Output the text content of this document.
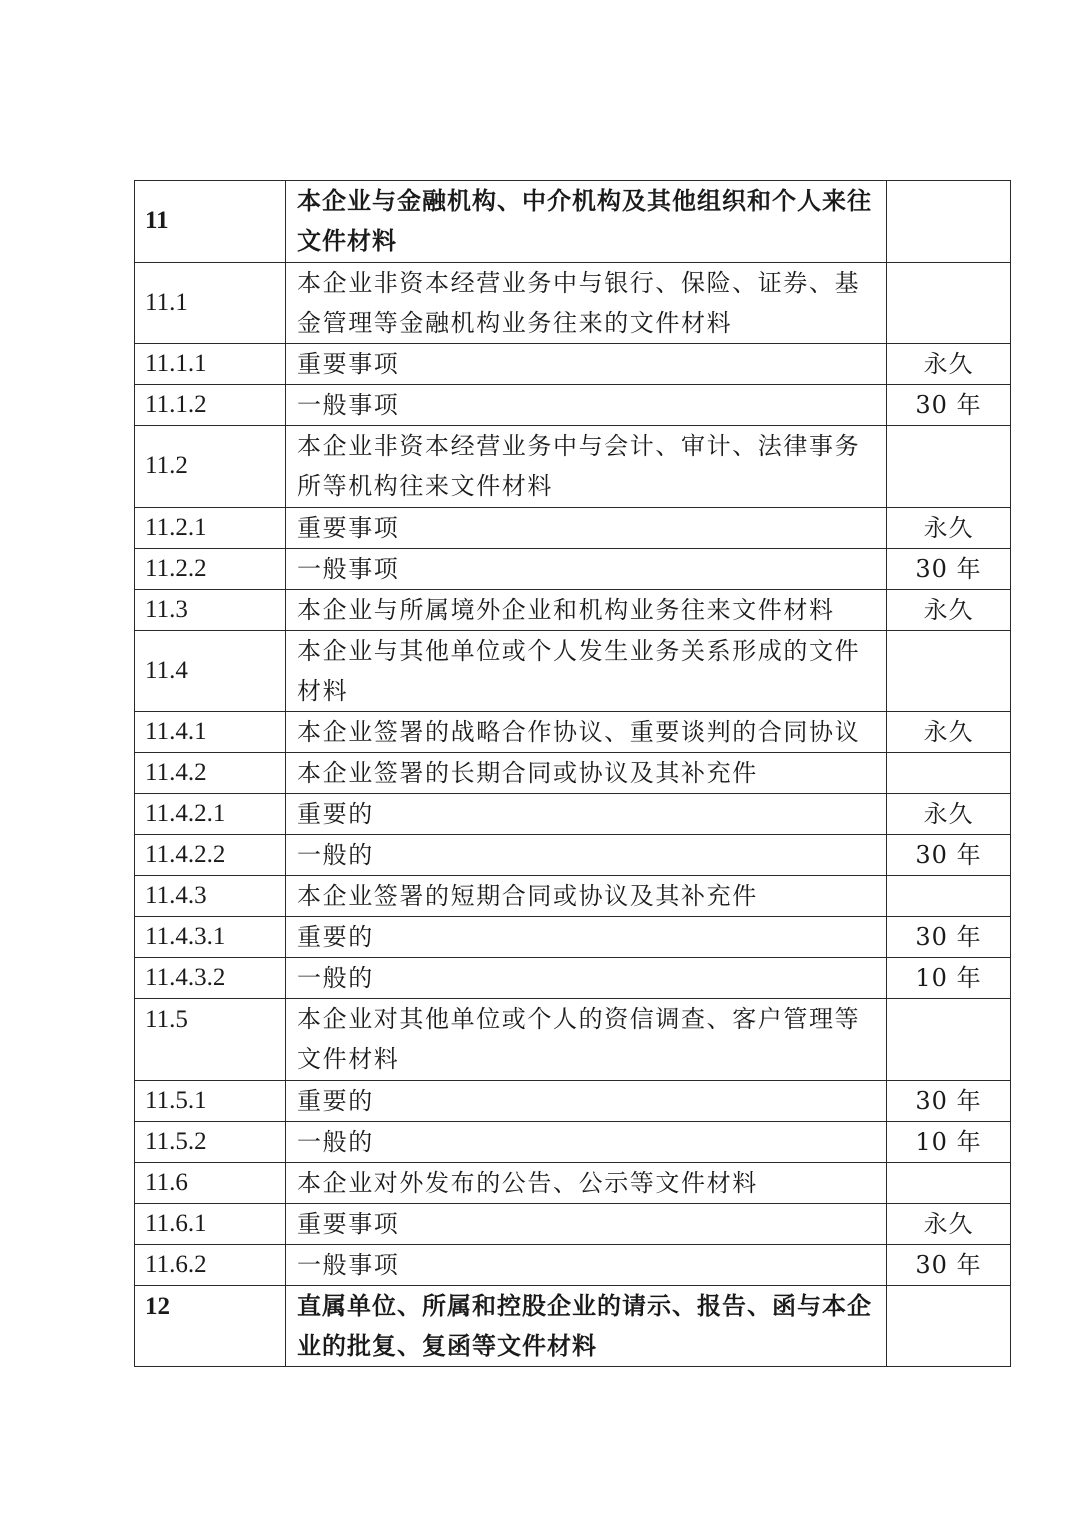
11	本企业与金融机构、中介机构及其他组织和个人来往文件材料	
11.1	本企业非资本经营业务中与银行、保险、证券、基金管理等金融机构业务往来的文件材料	
11.1.1	重要事项	永久
11.1.2	一般事项	30 年
11.2	本企业非资本经营业务中与会计、审计、法律事务所等机构往来文件材料	
11.2.1	重要事项	永久
11.2.2	一般事项	30 年
11.3	本企业与所属境外企业和机构业务往来文件材料	永久
11.4	本企业与其他单位或个人发生业务关系形成的文件材料	
11.4.1	本企业签署的战略合作协议、重要谈判的合同协议	永久
11.4.2	本企业签署的长期合同或协议及其补充件	
11.4.2.1	重要的	永久
11.4.2.2	一般的	30 年
11.4.3	本企业签署的短期合同或协议及其补充件	
11.4.3.1	重要的	30 年
11.4.3.2	一般的	10 年
11.5	本企业对其他单位或个人的资信调查、客户管理等文件材料	
11.5.1	重要的	30 年
11.5.2	一般的	10 年
11.6	本企业对外发布的公告、公示等文件材料	
11.6.1	重要事项	永久
11.6.2	一般事项	30 年
12	直属单位、所属和控股企业的请示、报告、函与本企业的批复、复函等文件材料	
